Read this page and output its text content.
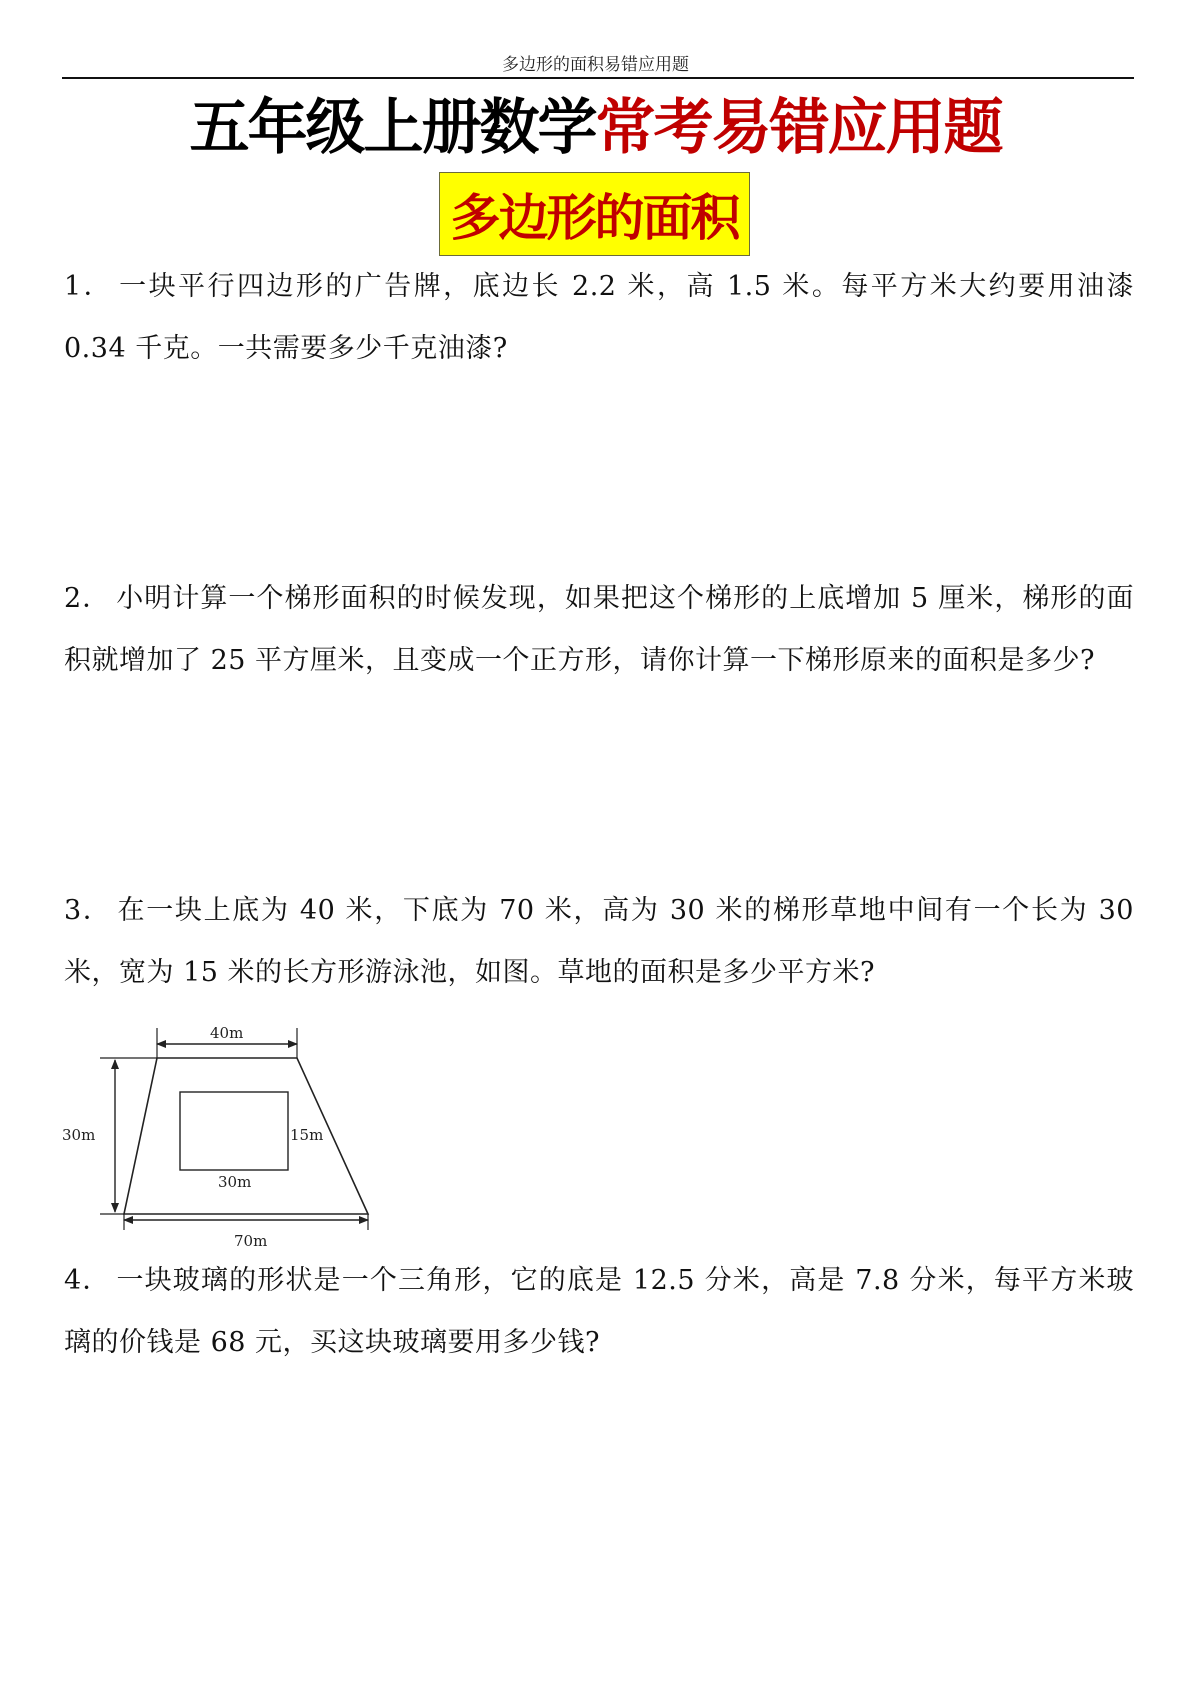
多边形的面积易错应用题
五年级上册数学常考易错应用题
多边形的面积
1． 一块平行四边形的广告牌，底边长 2.2 米，高 1.5 米。每平方米大约要用油漆 0.34 千克。一共需要多少千克油漆?
2． 小明计算一个梯形面积的时候发现，如果把这个梯形的上底增加 5 厘米，梯形的面积就增加了 25 平方厘米，且变成一个正方形，请你计算一下梯形原来的面积是多少?
3． 在一块上底为 40 米，下底为 70 米，高为 30 米的梯形草地中间有一个长为 30 米，宽为 15 米的长方形游泳池，如图。草地的面积是多少平方米?
40m
30m	15m
30m
70m
4． 一块玻璃的形状是一个三角形，它的底是 12.5 分米，高是 7.8 分米，每平方米玻璃的价钱是 68 元，买这块玻璃要用多少钱?
